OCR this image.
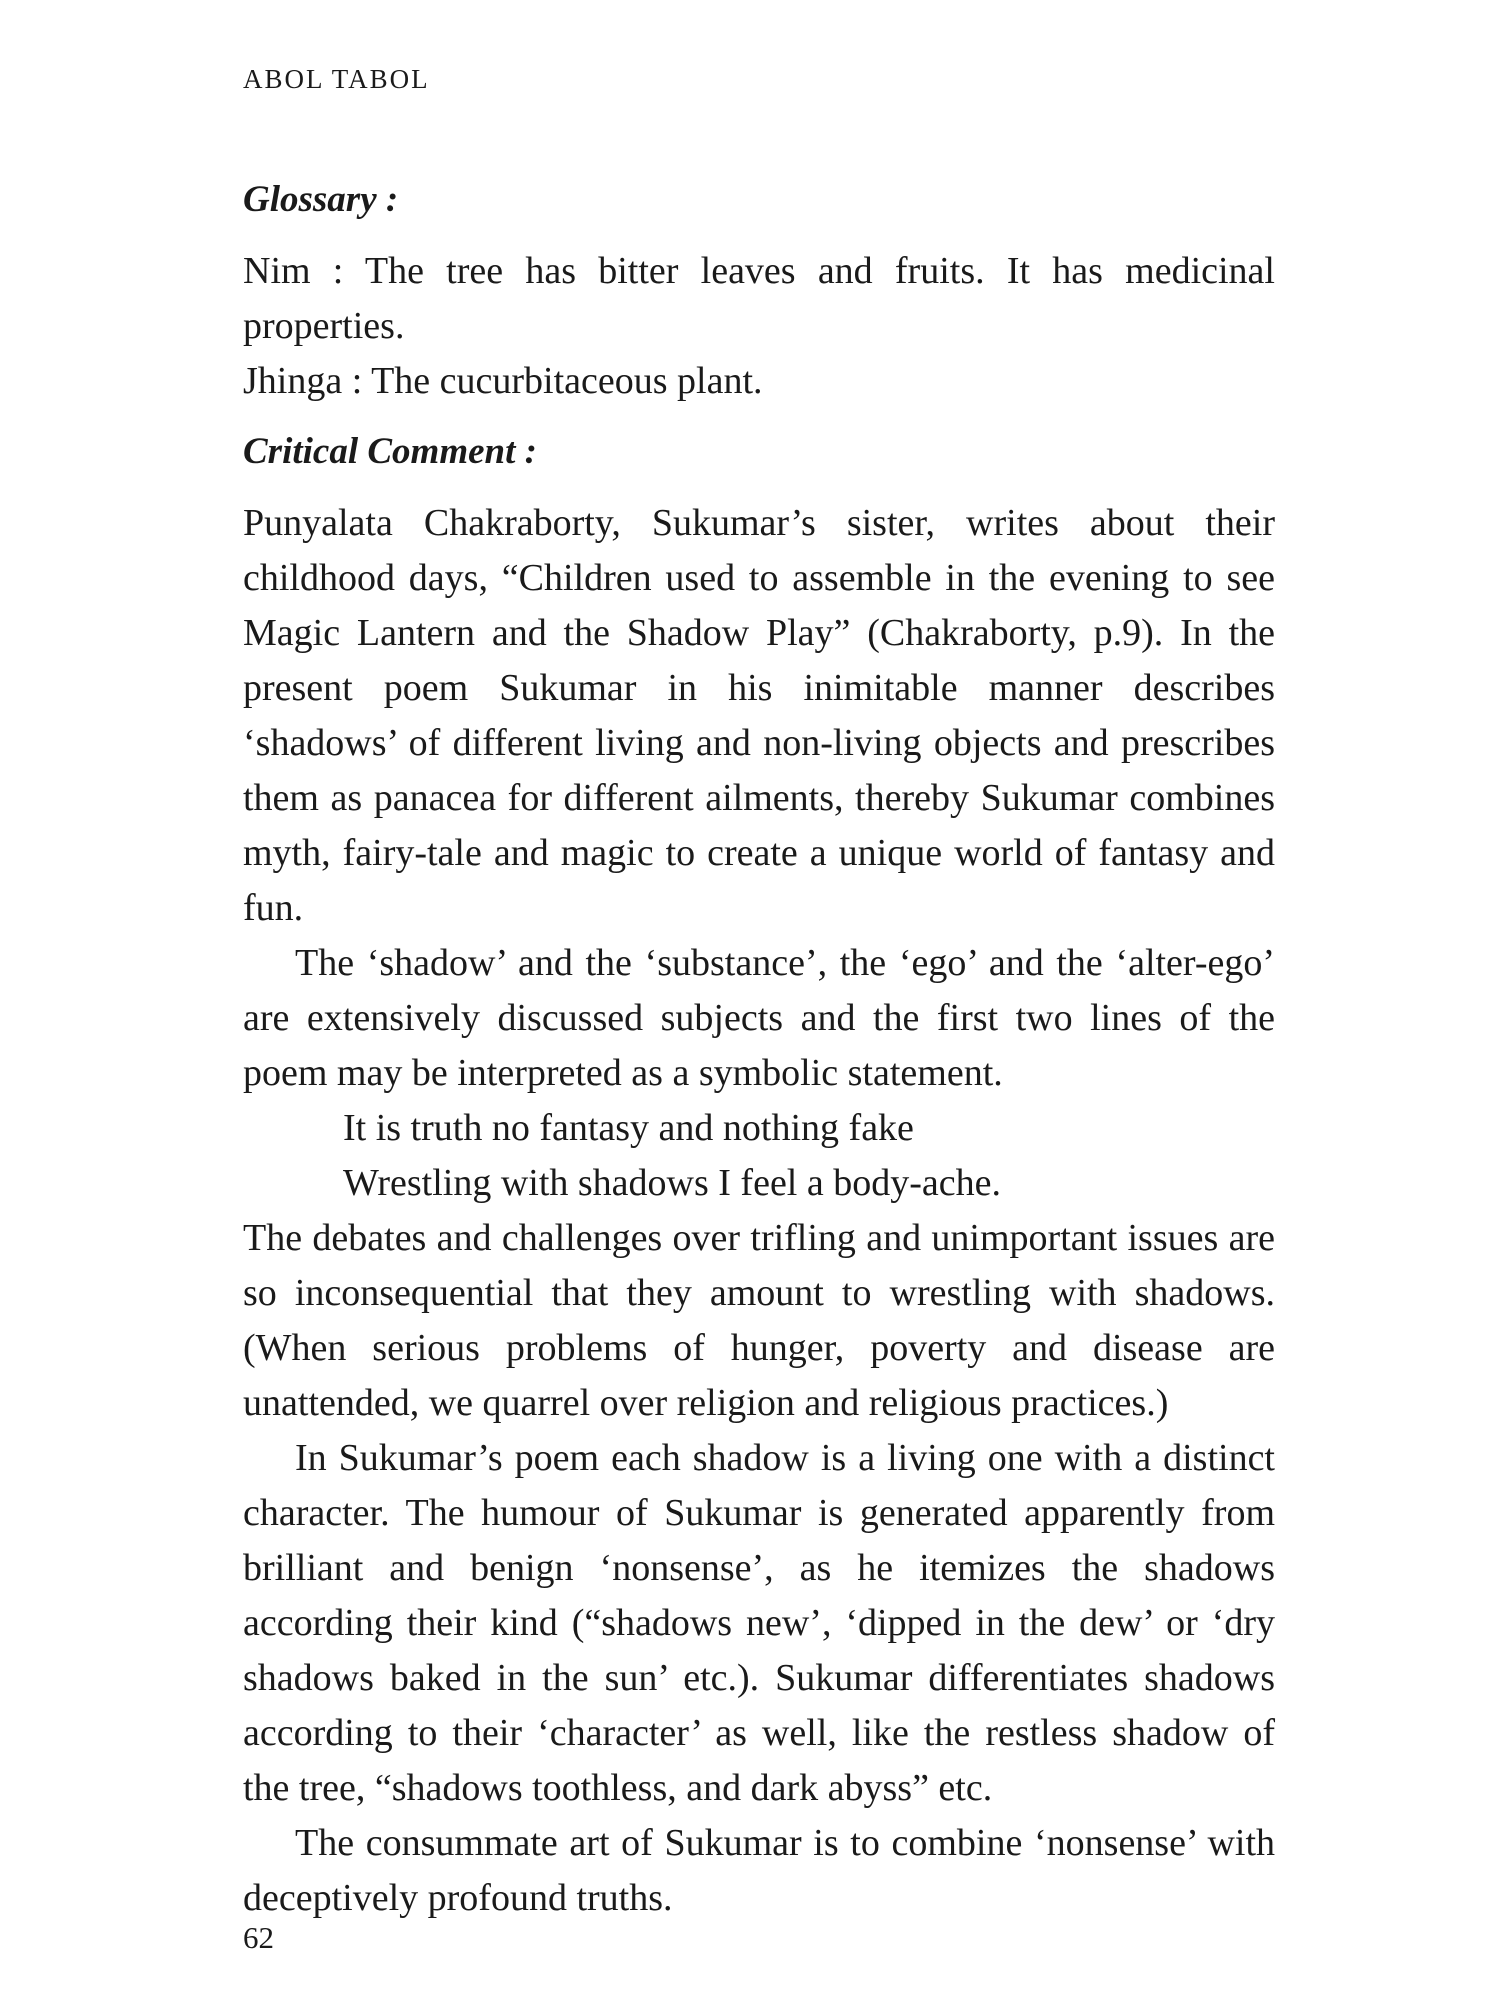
ABOL TABOL
Glossary :

Nim : The tree has bitter leaves and fruits. It has medicinal properties.

Jhinga : The cucurbitaceous plant.

Critical Comment :

Punyalata Chakraborty, Sukumar’s sister, writes about their childhood days, “Children used to assemble in the evening to see Magic Lantern and the Shadow Play” (Chakraborty, p.9). In the present poem Sukumar in his inimitable manner describes ‘shadows’ of different living and non-living objects and prescribes them as panacea for different ailments, thereby Sukumar combines myth, fairy-tale and magic to create a unique world of fantasy and fun.

The ‘shadow’ and the ‘substance’, the ‘ego’ and the ‘alter-ego’ are extensively discussed subjects and the first two lines of the poem may be interpreted as a symbolic statement.

It is truth no fantasy and nothing fake
Wrestling with shadows I feel a body-ache.

The debates and challenges over trifling and unimportant issues are so inconsequential that they amount to wrestling with shadows. (When serious problems of hunger, poverty and disease are unattended, we quarrel over religion and religious practices.)

In Sukumar’s poem each shadow is a living one with a distinct character. The humour of Sukumar is generated apparently from brilliant and benign ‘nonsense’, as he itemizes the shadows according their kind (“shadows new’, ‘dipped in the dew’ or ‘dry shadows baked in the sun’ etc.). Sukumar differentiates shadows according to their ‘character’ as well, like the restless shadow of the tree, “shadows toothless, and dark abyss” etc.

The consummate art of Sukumar is to combine ‘nonsense’ with deceptively profound truths.

62
